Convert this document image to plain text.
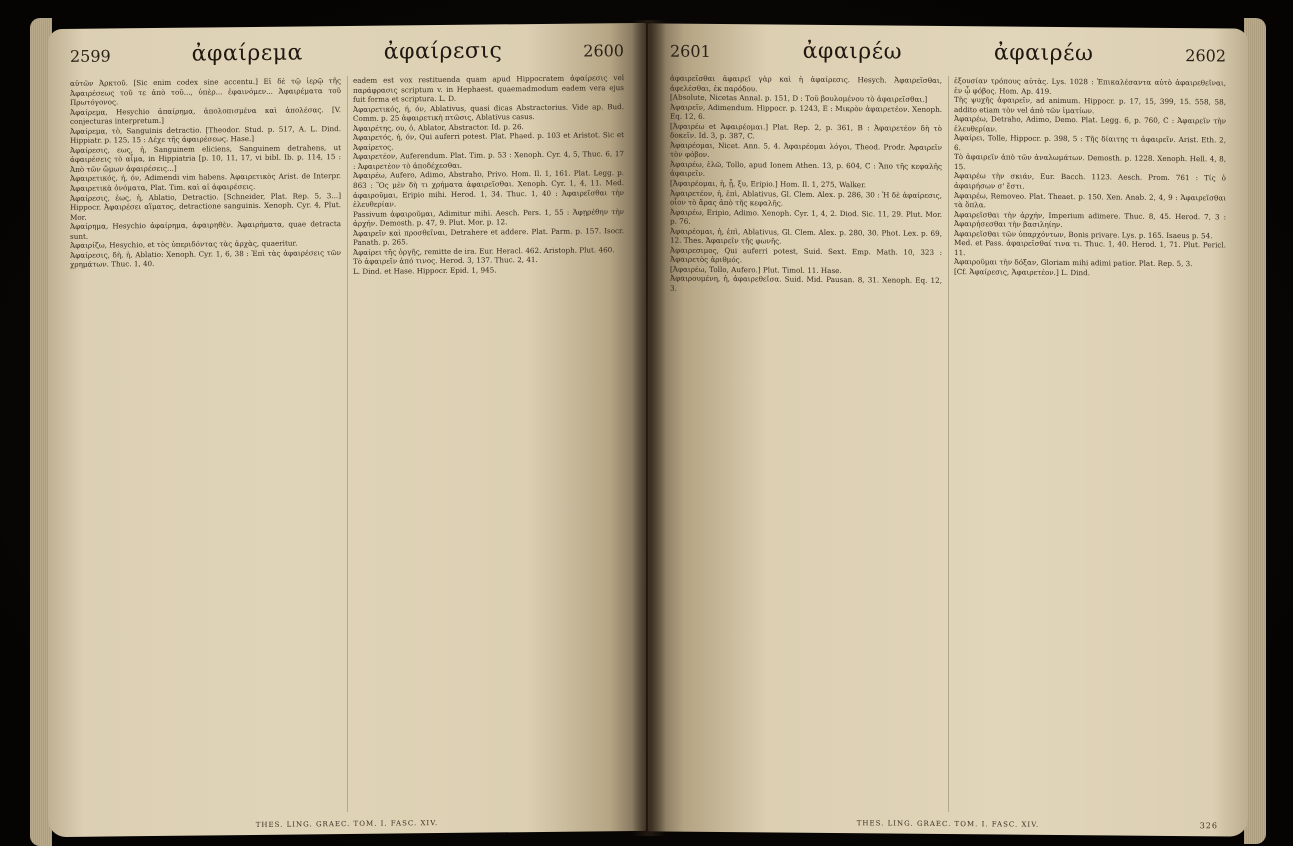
2599	ἀφαίρεμα	ἀφαίρεσις	2600

αὐτῶν Ἀρκτοῦ. [Sic enim codex sine accentu.] Εἰ δὲ τῷ ἱερῷ τῆς Ἀφαιρέσεως τοῦ τε ἀπὸ τοῦ..., ὑπὲρ... ἐφαινόμεν... Ἀφαιρέματα τοῦ Πρωτόγονος.

Ἀφαίρεμα, Hesychio ἀπαίρημα, ἀπολοπισμένα καὶ ἀπολέσας. [V. conjecturas interpretum.]

Ἀφαίρεμα, τὸ, Sanguinis detractio. [Theodor. Stud. p. 517, A. L. Dind. Hippiatr. p. 125, 15 : Δέχε τῆς ἀφαιρέσεως. Hase.]

Ἀφαίρεσις, εως, ἡ, Sanguinem eliciens, Sanguinem detrahens, ut ἀφαιρέσεις τὸ αἷμα, in Hippiatria [p. 10, 11, 17, vi bibl. Ib. p. 114, 15 : Ἀπὸ τῶν ὤμων ἀφαιρέσεις...]

Ἀφαιρετικός, ή, όν, Adimendi vim habens. Ἀφαιρετικὸς Arist. de Interpr. Ἀφαιρετικὰ ὀνόματα, Plat. Tim. καὶ αἱ ἀφαιρέσεις.

Ἀφαίρεσις, ἐως, ἡ, Ablatio, Detractio. [Schneider, Plat. Rep. 5, 3...] Hippocr. Ἀφαιρέσει αἵματος, detractione sanguinis. Xenoph. Cyr. 4, Plut. Mor.

Ἀφαίρημα, Hesychio ἀφαίρημα, ἀφαιρηθὲν. Ἀφαιρήματα, quae detracta sunt.

Ἀφαιρίζω, Hesychio, et τὸς ὑπεριδόντας τὰς ἀρχὰς, quaeritur.

Ἀφαίρεσις, δὴ, ἡ, Ablatio: Xenoph. Cyr. 1, 6, 38 : Ἐπὶ τὰς ἀφαιρέσεις τῶν χρημάτων. Thuc. 1, 40.

eadem est vox restituenda quam apud Hippocratem ἀφαίρεσις vel παράφρασις scriptum v. in Hephaest. quaemadmodum eadem vera ejus fuit forma et scriptura. L. D.

Ἀφαιρετικός, ή, όν, Ablativus, quasi dicas Abstractorius. Vide ap. Bud. Comm. p. 25 ἀφαιρετικὴ πτῶσις, Ablativus casus.

Ἀφαιρέτης, ου, ὁ, Ablator, Abstractor. Id. p. 26.

Ἀφαιρετός, ή, όν, Qui auferri potest. Plat. Phaed. p. 103 et Aristot. Sic et Ἀφαίρετος.

Ἀφαιρετέον, Auferendum. Plat. Tim. p. 53 : Xenoph. Cyr. 4, 5, Thuc. 6, 17 : Ἀφαιρετέον τὸ ἀποδέχεσθαι.

Ἀφαιρέω, Aufero, Adimo, Abstraho, Privo. Hom. Il. 1, 161. Plat. Legg. p. 863 : Ὃς μὲν δὴ τι χρήματα ἀφαιρεῖσθαι. Xenoph. Cyr. 1, 4, 11. Med. ἀφαιροῦμαι, Eripio mihi. Herod. 1, 34. Thuc. 1, 40 : Ἀφαιρεῖσθαι τὴν ἐλευθερίαν.

Passivum ἀφαιροῦμαι, Adimitur mihi. Aesch. Pers. 1, 55 : Ἀφῃρέθην τὴν ἀρχήν. Demosth. p. 47, 9. Plut. Mor. p. 12.

Ἀφαιρεῖν καὶ προσθεῖναι, Detrahere et addere. Plat. Parm. p. 157. Isocr. Panath. p. 265.

Ἀφαίρει τῆς ὀργῆς, remitte de ira. Eur. Heracl. 462. Aristoph. Plut. 460.

Τὸ ἀφαιρεῖν ἀπό τινος. Herod. 3, 137. Thuc. 2, 41.

L. Dind. et Hase. Hippocr. Epid. 1, 945.

THES. LING. GRAEC. TOM. I. FASC. XIV.
2601	ἀφαιρέω	ἀφαιρέω	2602

ἀφαιρεῖσθαι ἀφαιρεῖ γὰρ καὶ ἡ ἀφαίρεσις. Hesych. Ἀφαιρεῖσθαι, ἀφελέσθαι, ἐκ παρόδου.

[Absolute, Nicetas Annal. p. 151, D : Τοῦ βουλομένου τὸ ἀφαιρεῖσθαι.]

Ἀφαιρεῖν, Adimendum. Hippocr. p. 1243, E : Μικρὸν ἀφαιρετέον. Xenoph. Eq. 12, 6.

[Ἀφαιρέω et Ἀφαιρέομαι.] Plat. Rep. 2, p. 361, B : Ἀφαιρετέον δὴ τὸ δοκεῖν. Id. 3, p. 387, C.

Ἀφαιρέομαι, Nicet. Ann. 5, 4. Ἀφαιρέομαι λόγοι, Theod. Prodr. Ἀφαιρεῖν τὸν φόβον.

Ἀφαιρέω, ἑλῶ, Tollo, apud Ionem Athen. 13, p. 604, C : Ἄπο τῆς κεφαλῆς ἀφαιρεῖν.

[Ἀφαιρέομαι, ἡ, ᾗ, ξυ, Eripio.] Hom. Il. 1, 275, Walker.

Ἀφαιρετέον, ἡ, ἐπὶ, Ablativus, Gl. Clem. Alex. p. 286, 30 : Ἡ δὲ ἀφαίρεσις, οἷον τὸ ἄρας ἀπὸ τῆς κεφαλῆς.

Ἀφαιρέω, Eripio, Adimo. Xenoph. Cyr. 1, 4, 2. Diod. Sic. 11, 29. Plut. Mor. p. 76.

Ἀφαιρέομαι, ἡ, ἐπὶ, Ablativus, Gl. Clem. Alex. p. 280, 30. Phot. Lex. p. 69, 12. Thes. Ἀφαιρεῖν τῆς φωνῆς.

Ἀφαιρεσιμος, Qui auferri potest, Suid. Sext. Emp. Math. 10, 323 : Ἀφαιρετὸς ἀριθμός.

[Ἀφαιρέω, Tollo, Aufero.] Plut. Timol. 11. Hase.

Ἀφαιρουμένη, ἡ, ἀφαιρεθεῖσα. Suid. Mid. Pausan. 8, 31. Xenoph. Eq. 12, 3.

ἐξουσίαν τρόπους αὐτὰς. Lys. 1028 : Ἐπικαλέσαντα αὐτὸ ἀφαιρεθεῖναι, ἐν ᾧ φόβος. Hom. Ap. 419.

Τῆς ψυχῆς ἀφαιρεῖν, ad animum. Hippocr. p. 17, 15, 399, 15. 558, 58, addito etiam τὸν vel ἀπὸ τῶν ἱματίων.

Ἀφαιρέω, Detraho, Adimo, Demo. Plat. Legg. 6, p. 760, C : Ἀφαιρεῖν τὴν ἐλευθερίαν.

Ἀφαίρει, Tolle, Hippocr. p. 398, 5 : Τῆς δίαιτης τι ἀφαιρεῖν. Arist. Eth. 2, 6.

Τὸ ἀφαιρεῖν ἀπὸ τῶν ἀναλωμάτων. Demosth. p. 1228. Xenoph. Hell. 4, 8, 15.

Ἀφαιρέω τὴν σκιάν, Eur. Bacch. 1123. Aesch. Prom. 761 : Τίς ὁ ἀφαιρήσων σ' ἔστι.

Ἀφαιρέω, Removeo. Plat. Theaet. p. 150. Xen. Anab. 2, 4, 9 : Ἀφαιρεῖσθαι τὰ ὅπλα.

Ἀφαιρεῖσθαι τὴν ἀρχήν, Imperium adimere. Thuc. 8, 45. Herod. 7, 3 : Ἀφαιρήσεσθαι τὴν βασιληίην.

Ἀφαιρεῖσθαι τῶν ὑπαρχόντων, Bonis privare. Lys. p. 165. Isaeus p. 54.

Med. et Pass. ἀφαιρεῖσθαί τινα τι. Thuc. 1, 40. Herod. 1, 71. Plut. Pericl. 11.

Ἀφαιροῦμαι τὴν δόξαν, Gloriam mihi adimi patior. Plat. Rep. 5, 3.

[Cf. Ἀφαίρεσις, Ἀφαιρετέον.] L. Dind.

THES. LING. GRAEC. TOM. I. FASC. XIV.	326
